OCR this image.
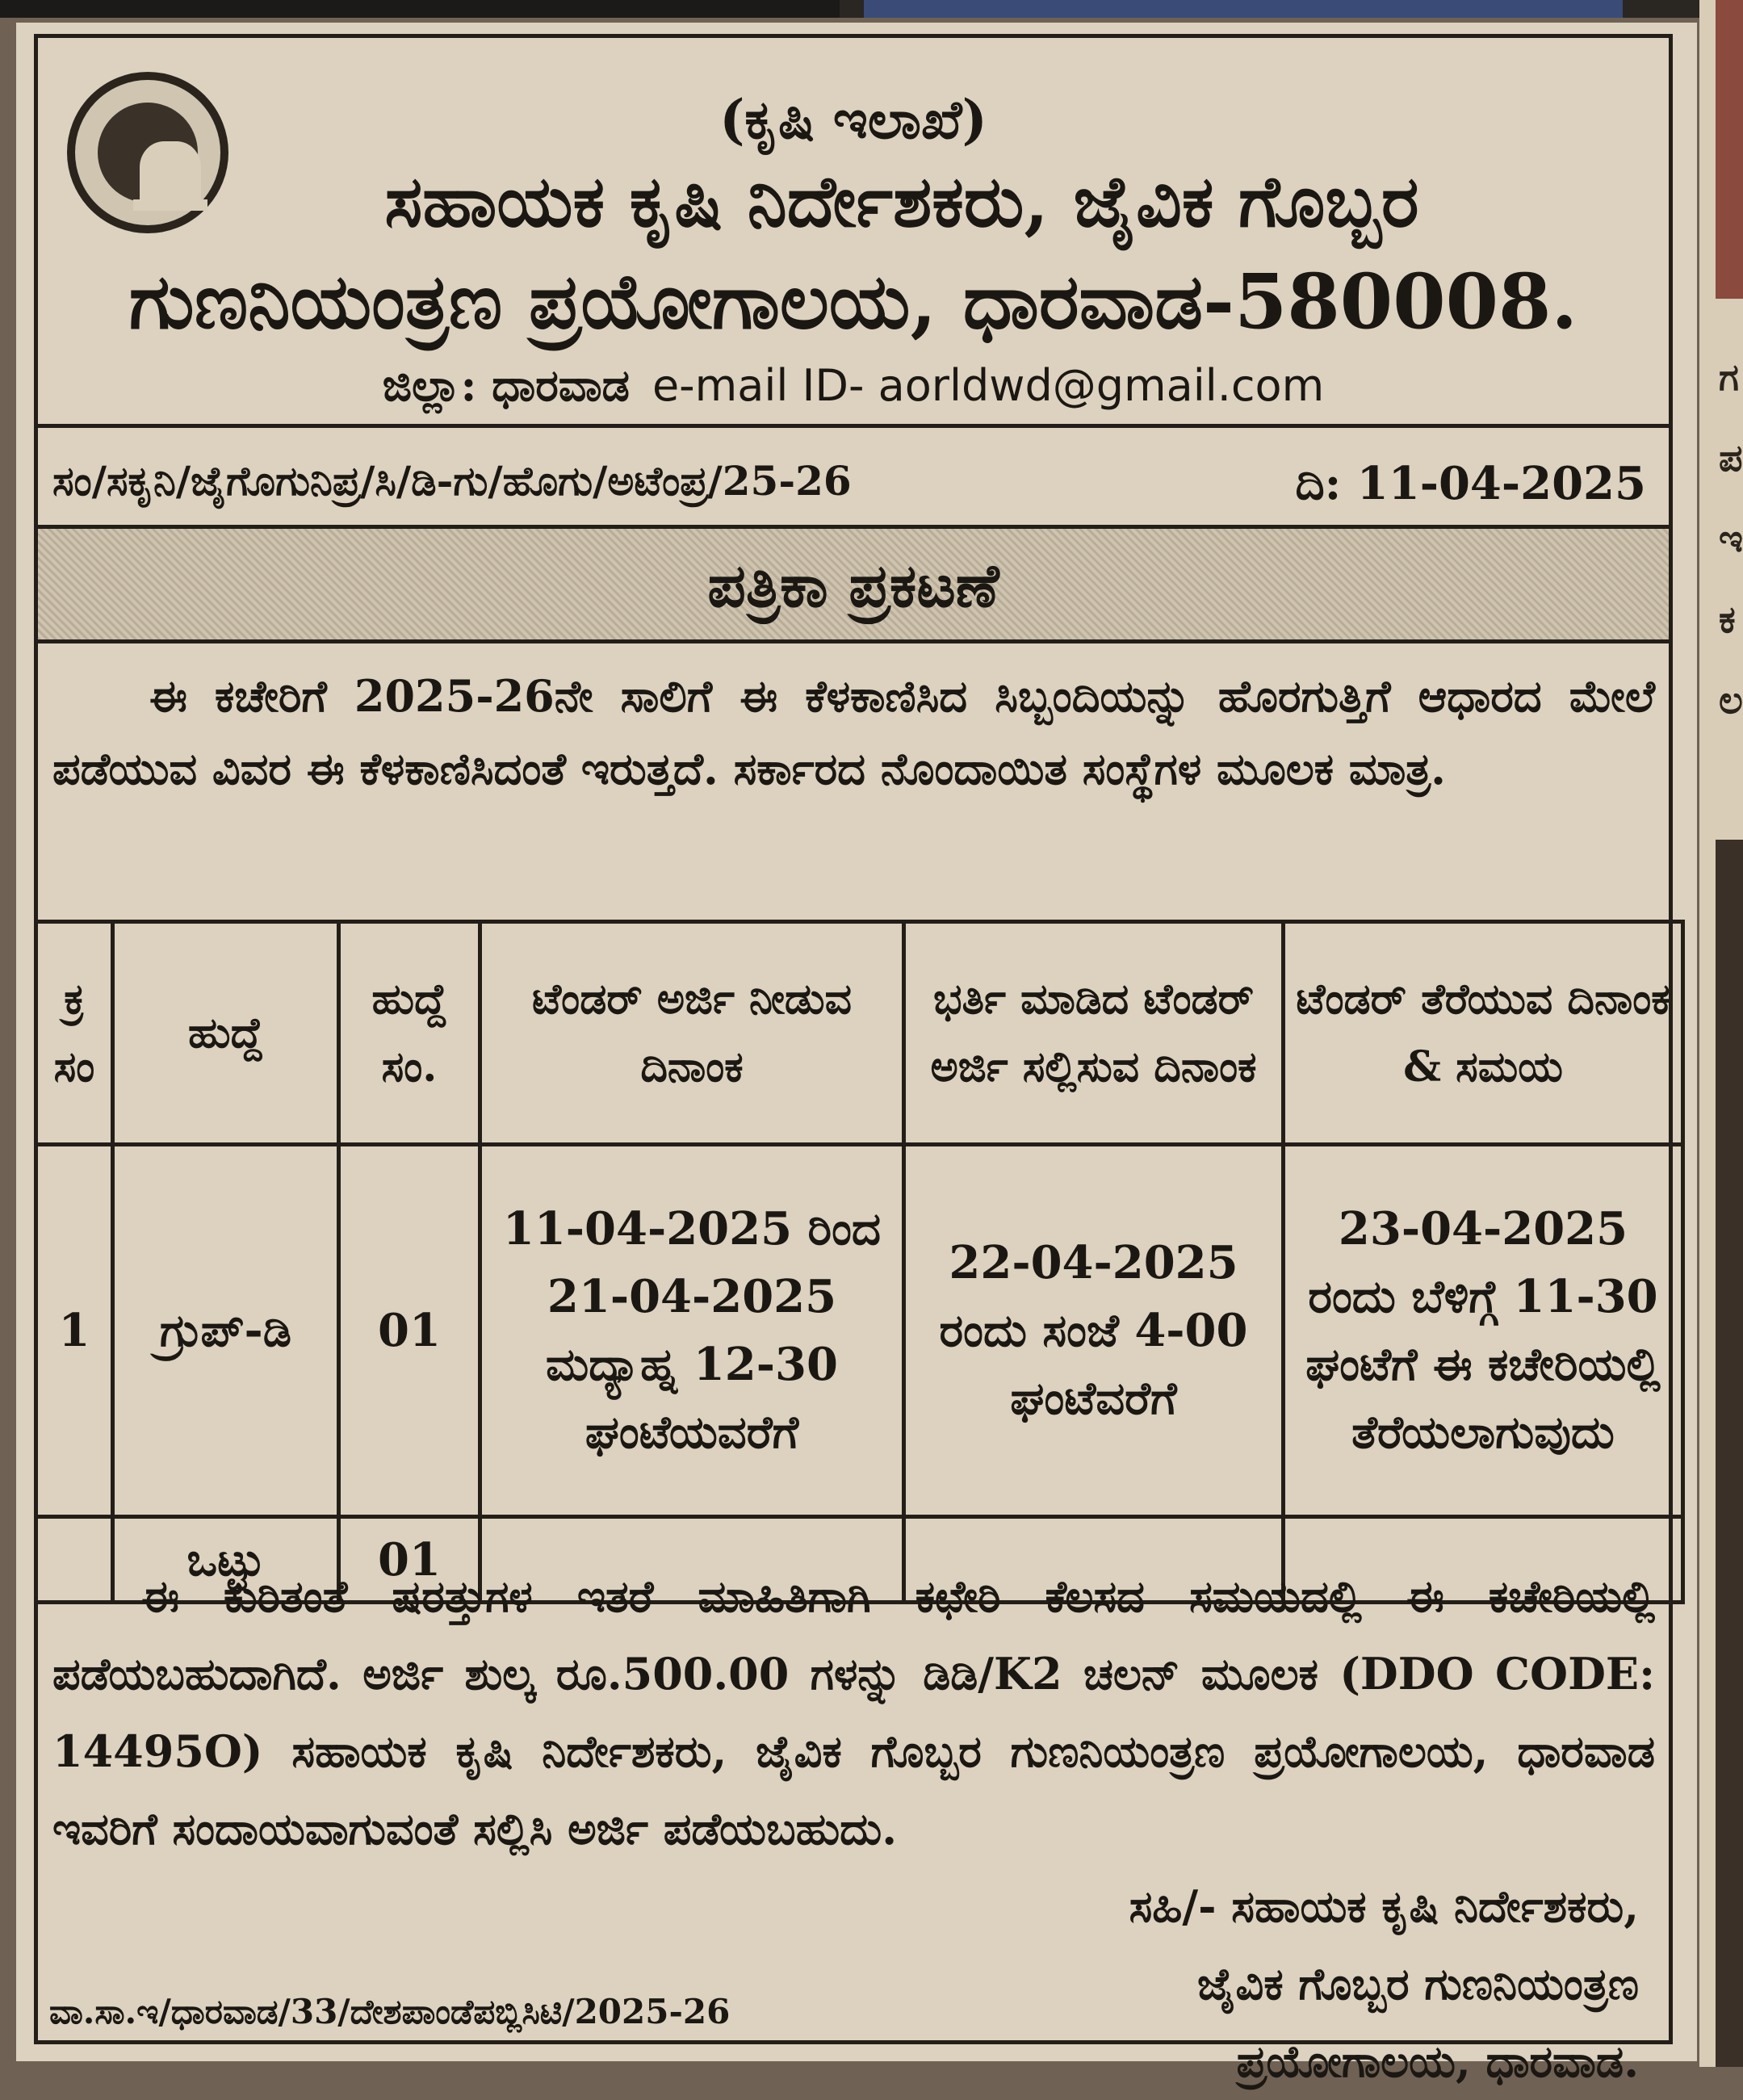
ಗ
ಪ
ಇ
ಕ
ಲ
(ಕೃಷಿ ಇಲಾಖೆ)
ಸಹಾಯಕ ಕೃಷಿ ನಿರ್ದೇಶಕರು, ಜೈವಿಕ ಗೊಬ್ಬರ
ಗುಣನಿಯಂತ್ರಣ ಪ್ರಯೋಗಾಲಯ, ಧಾರವಾಡ-580008.
ಜಿಲ್ಲಾ: ಧಾರವಾಡ e-mail ID- aorldwd@gmail.com
ಸಂ/ಸಕೃನಿ/ಜೈಗೊಗುನಿಪ್ರ/ಸಿ/ಡಿ-ಗು/ಹೊಗು/ಅಟೆಂಪ್ರ/25-26	ದಿ: 11-04-2025
ಪತ್ರಿಕಾ ಪ್ರಕಟಣೆ
ಈ ಕಚೇರಿಗೆ 2025-26ನೇ ಸಾಲಿಗೆ ಈ ಕೆಳಕಾಣಿಸಿದ ಸಿಬ್ಬಂದಿಯನ್ನು ಹೊರಗುತ್ತಿಗೆ ಆಧಾರದ ಮೇಲೆ ಪಡೆಯುವ ವಿವರ ಈ ಕೆಳಕಾಣಿಸಿದಂತೆ ಇರುತ್ತದೆ. ಸರ್ಕಾರದ ನೊಂದಾಯಿತ ಸಂಸ್ಥೆಗಳ ಮೂಲಕ ಮಾತ್ರ.
ಕ್ರ ಸಂ	ಹುದ್ದೆ	ಹುದ್ದೆ ಸಂ.	ಟೆಂಡರ್ ಅರ್ಜಿ ನೀಡುವ ದಿನಾಂಕ	ಭರ್ತಿ ಮಾಡಿದ ಟೆಂಡರ್ ಅರ್ಜಿ ಸಲ್ಲಿಸುವ ದಿನಾಂಕ	ಟೆಂಡರ್ ತೆರೆಯುವ ದಿನಾಂಕ & ಸಮಯ
1	ಗ್ರುಪ್-ಡಿ	01	11-04-2025 ರಿಂದ 21-04-2025 ಮದ್ಯಾಹ್ನ 12-30 ಘಂಟೆಯವರೆಗೆ	22-04-2025 ರಂದು ಸಂಜೆ 4-00 ಘಂಟೆವರೆಗೆ	23-04-2025 ರಂದು ಬೆಳಿಗ್ಗೆ 11-30 ಘಂಟೆಗೆ ಈ ಕಚೇರಿಯಲ್ಲಿ ತೆರೆಯಲಾಗುವುದು
	ಒಟ್ಟು	01			
ಈ ಕುರಿತಂತೆ ಷರತ್ತುಗಳ ಇತರೆ ಮಾಹಿತಿಗಾಗಿ ಕಛೇರಿ ಕೆಲಸದ ಸಮಯದಲ್ಲಿ ಈ ಕಚೇರಿಯಲ್ಲಿ ಪಡೆಯಬಹುದಾಗಿದೆ. ಅರ್ಜಿ ಶುಲ್ಕ ರೂ.500.00 ಗಳನ್ನು ಡಿಡಿ/K2 ಚಲನ್ ಮೂಲಕ (DDO CODE: 14495O) ಸಹಾಯಕ ಕೃಷಿ ನಿರ್ದೇಶಕರು, ಜೈವಿಕ ಗೊಬ್ಬರ ಗುಣನಿಯಂತ್ರಣ ಪ್ರಯೋಗಾಲಯ, ಧಾರವಾಡ ಇವರಿಗೆ ಸಂದಾಯವಾಗುವಂತೆ ಸಲ್ಲಿಸಿ ಅರ್ಜಿ ಪಡೆಯಬಹುದು.
ಸಹಿ/- ಸಹಾಯಕ ಕೃಷಿ ನಿರ್ದೇಶಕರು,
ಜೈವಿಕ ಗೊಬ್ಬರ ಗುಣನಿಯಂತ್ರಣ
ಪ್ರಯೋಗಾಲಯ, ಧಾರವಾಡ.
ವಾ.ಸಾ.ಇ/ಧಾರವಾಡ/33/ದೇಶಪಾಂಡೆಪಬ್ಲಿಸಿಟಿ/2025-26
